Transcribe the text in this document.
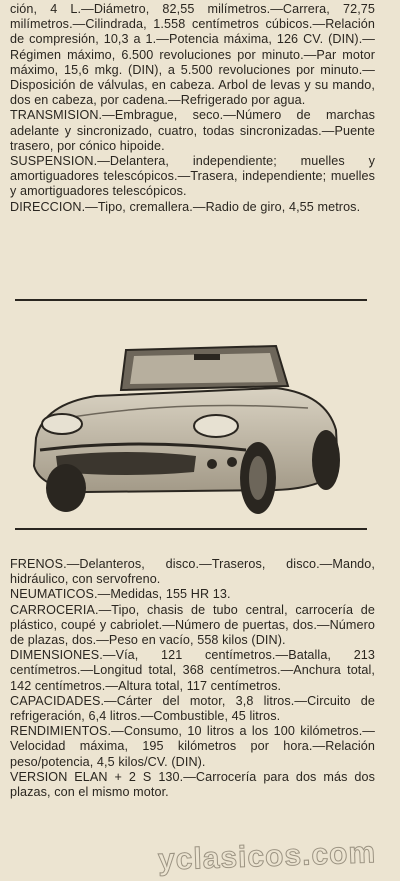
ción, 4 L.—Diámetro, 82,55 milímetros.—Carrera, 72,75 milímetros.—Cilindrada, 1.558 centímetros cúbicos.—Relación de compresión, 10,3 a 1.—Potencia máxima, 126 CV. (DIN).—Régimen máximo, 6.500 revoluciones por minuto.—Par motor máximo, 15,6 mkg. (DIN), a 5.500 revoluciones por minuto.—Disposición de válvulas, en cabeza. Arbol de levas y su mando, dos en cabeza, por cadena.—Refrigerado por agua.

TRANSMISION.—Embrague, seco.—Número de marchas adelante y sincronizado, cuatro, todas sincronizadas.—Puente trasero, por cónico hipoide.

SUSPENSION.—Delantera, independiente; muelles y amortiguadores telescópicos.—Trasera, independiente; muelles y amortiguadores telescópicos.

DIRECCION.—Tipo, cremallera.—Radio de giro, 4,55 metros.

FRENOS.—Delanteros, disco.—Traseros, disco.—Mando, hidráulico, con servofreno.

NEUMATICOS.—Medidas, 155 HR 13.

CARROCERIA.—Tipo, chasis de tubo central, carrocería de plástico, coupé y cabriolet.—Número de puertas, dos.—Número de plazas, dos.—Peso en vacío, 558 kilos (DIN).

DIMENSIONES.—Vía, 121 centímetros.—Batalla, 213 centímetros.—Longitud total, 368 centímetros.—Anchura total, 142 centímetros.—Altura total, 117 centímetros.

CAPACIDADES.—Cárter del motor, 3,8 litros.—Circuito de refrigeración, 6,4 litros.—Combustible, 45 litros.

RENDIMIENTOS.—Consumo, 10 litros a los 100 kilómetros.—Velocidad máxima, 195 kilómetros por hora.—Relación peso/potencia, 4,5 kilos/CV. (DIN).

VERSION ELAN + 2 S 130.—Carrocería para dos más dos plazas, con el mismo motor.

yclasicos.com
